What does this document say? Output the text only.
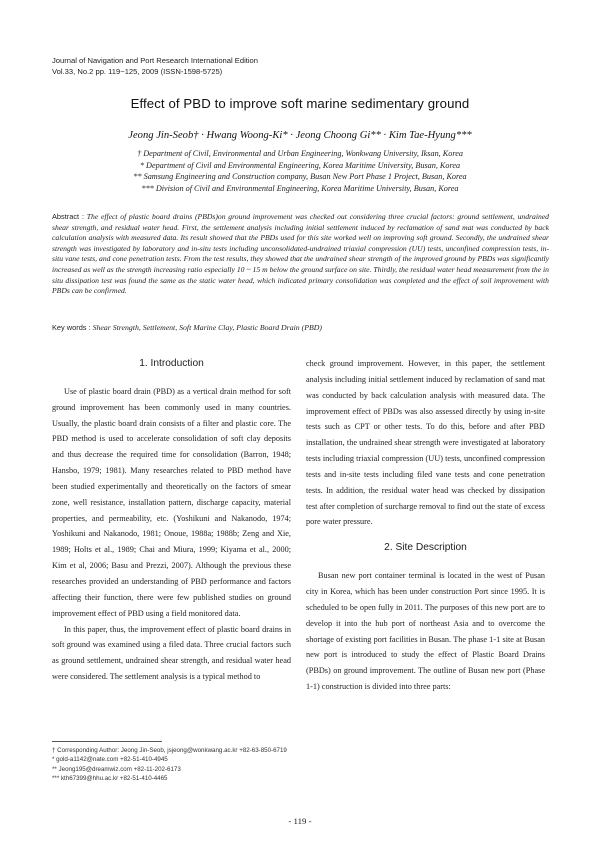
Journal of Navigation and Port Research International Edition
Vol.33, No.2 pp. 119~125, 2009 (ISSN-1598-5725)
Effect of PBD to improve soft marine sedimentary ground
Jeong Jin-Seob† · Hwang Woong-Ki* · Jeong Choong Gi** · Kim Tae-Hyung***
† Department of Civil, Environmental and Urban Engineering, Wonkwang University, Iksan, Korea
* Department of Civil and Environmental Engineering, Korea Maritime University, Busan, Korea
** Samsung Engineering and Construction company, Busan New Port Phase 1 Project, Busan, Korea
*** Division of Civil and Environmental Engineering, Korea Maritime University, Busan, Korea
Abstract : The effect of plastic board drains (PBDs)on ground improvement was checked out considering three crucial factors: ground settlement, undrained shear strength, and residual water head. First, the settlement analysis including initial settlement induced by reclamation of sand mat was conducted by back calculation analysis with measured data. Its result showed that the PBDs used for this site worked well on improving soft ground. Secondly, the undrained shear strength was investigated by laboratory and in-situ tests including unconsolidated-undrained triaxial compression (UU) tests, unconfined compression tests, in-situ vane tests, and cone penetration tests. From the test results, they showed that the undrained shear strength of the improved ground by PBDs was significantly increased as well as the strength increasing ratio especially 10 ~ 15 m below the ground surface on site. Thirdly, the residual water head measurement from the in situ dissipation test was found the same as the static water head, which indicated primary consolidation was completed and the effect of soil improvement with PBDs can be confirmed.
Key words : Shear Strength, Settlement, Soft Marine Clay, Plastic Board Drain (PBD)
1. Introduction

Use of plastic board drain (PBD) as a vertical drain method for soft ground improvement has been commonly used in many countries. Usually, the plastic board drain consists of a filter and plastic core. The PBD method is used to accelerate consolidation of soft clay deposits and thus decrease the required time for consolidation (Barron, 1948; Hansbo, 1979; 1981). Many researches related to PBD method have been studied experimentally and theoretically on the factors of smear zone, well resistance, installation pattern, discharge capacity, material properties, and permeability, etc. (Yoshikuni and Nakanodo, 1974; Yoshikuni and Nakanodo, 1981; Onoue, 1988a; 1988b; Zeng and Xie, 1989; Holts et al., 1989; Chai and Miura, 1999; Kiyama et al., 2000; Kim et al, 2006; Basu and Prezzi, 2007). Although the previous these researches provided an understanding of PBD performance and factors affecting their function, there were few published studies on ground improvement effect of PBD using a field monitored data.

In this paper, thus, the improvement effect of plastic board drains in soft ground was examined using a filed data. Three crucial factors such as ground settlement, undrained shear strength, and residual water head were considered. The settlement analysis is a typical method to

check ground improvement. However, in this paper, the settlement analysis including initial settlement induced by reclamation of sand mat was conducted by back calculation analysis with measured data. The improvement effect of PBDs was also assessed directly by using in-site tests such as CPT or other tests. To do this, before and after PBD installation, the undrained shear strength were investigated at laboratory tests including triaxial compression (UU) tests, unconfined compression tests and in-site tests including filed vane tests and cone penetration tests. In addition, the residual water head was checked by dissipation test after completion of surcharge removal to find out the state of excess pore water pressure.

2. Site Description

Busan new port container terminal is located in the west of Pusan city in Korea, which has been under construction Port since 1995. It is scheduled to be open fully in 2011. The purposes of this new port are to develop it into the hub port of northeast Asia and to overcome the shortage of existing port facilities in Busan. The phase 1-1 site at Busan new port is introduced to study the effect of Plastic Board Drains (PBDs) on ground improvement. The outline of Busan new port (Phase 1-1) construction is divided into three parts:

† Corresponding Author: Jeong Jin-Seob, jsjeong@wonkwang.ac.kr +82-63-850-6719
* gold-a1142@nate.com +82-51-410-4945
** Jeong195@dreamwiz.com +82-11-202-6173
*** kth67399@hhu.ac.kr +82-51-410-4465
- 119 -
